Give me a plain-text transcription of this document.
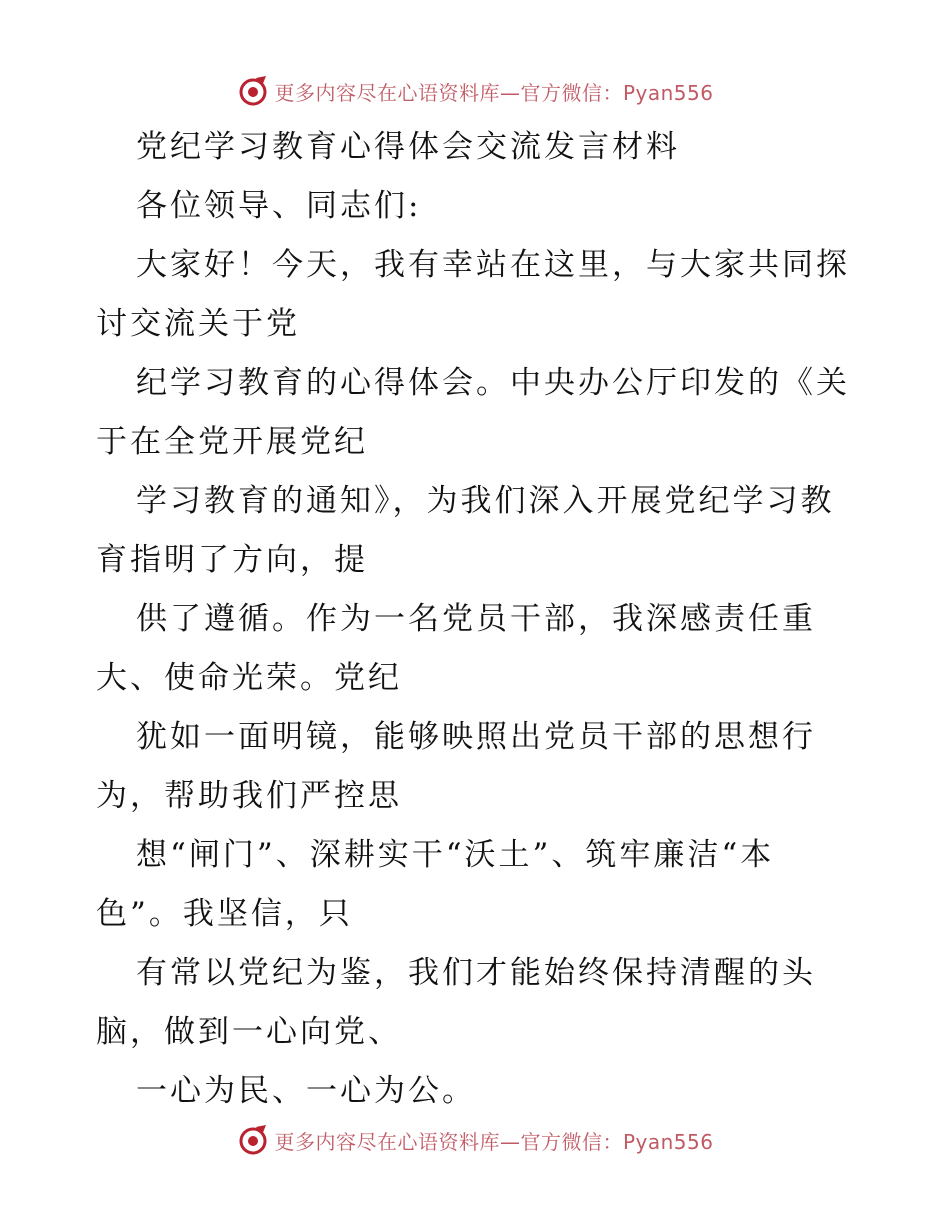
更多内容尽在心语资料库—官方微信：Pyan556

党纪学习教育心得体会交流发言材料

各位领导、同志们:

大家好！今天，我有幸站在这里，与大家共同探
讨交流关于党

纪学习教育的心得体会。中央办公厅印发的《关
于在全党开展党纪

学习教育的通知》，为我们深入开展党纪学习教
育指明了方向，提

供了遵循。作为一名党员干部，我深感责任重
大、使命光荣。党纪

犹如一面明镜，能够映照出党员干部的思想行
为，帮助我们严控思

想“闸门”、深耕实干“沃土”、筑牢廉洁“本
色”。我坚信，只

有常以党纪为鉴，我们才能始终保持清醒的头
脑，做到一心向党、

一心为民、一心为公。

更多内容尽在心语资料库—官方微信：Pyan556
